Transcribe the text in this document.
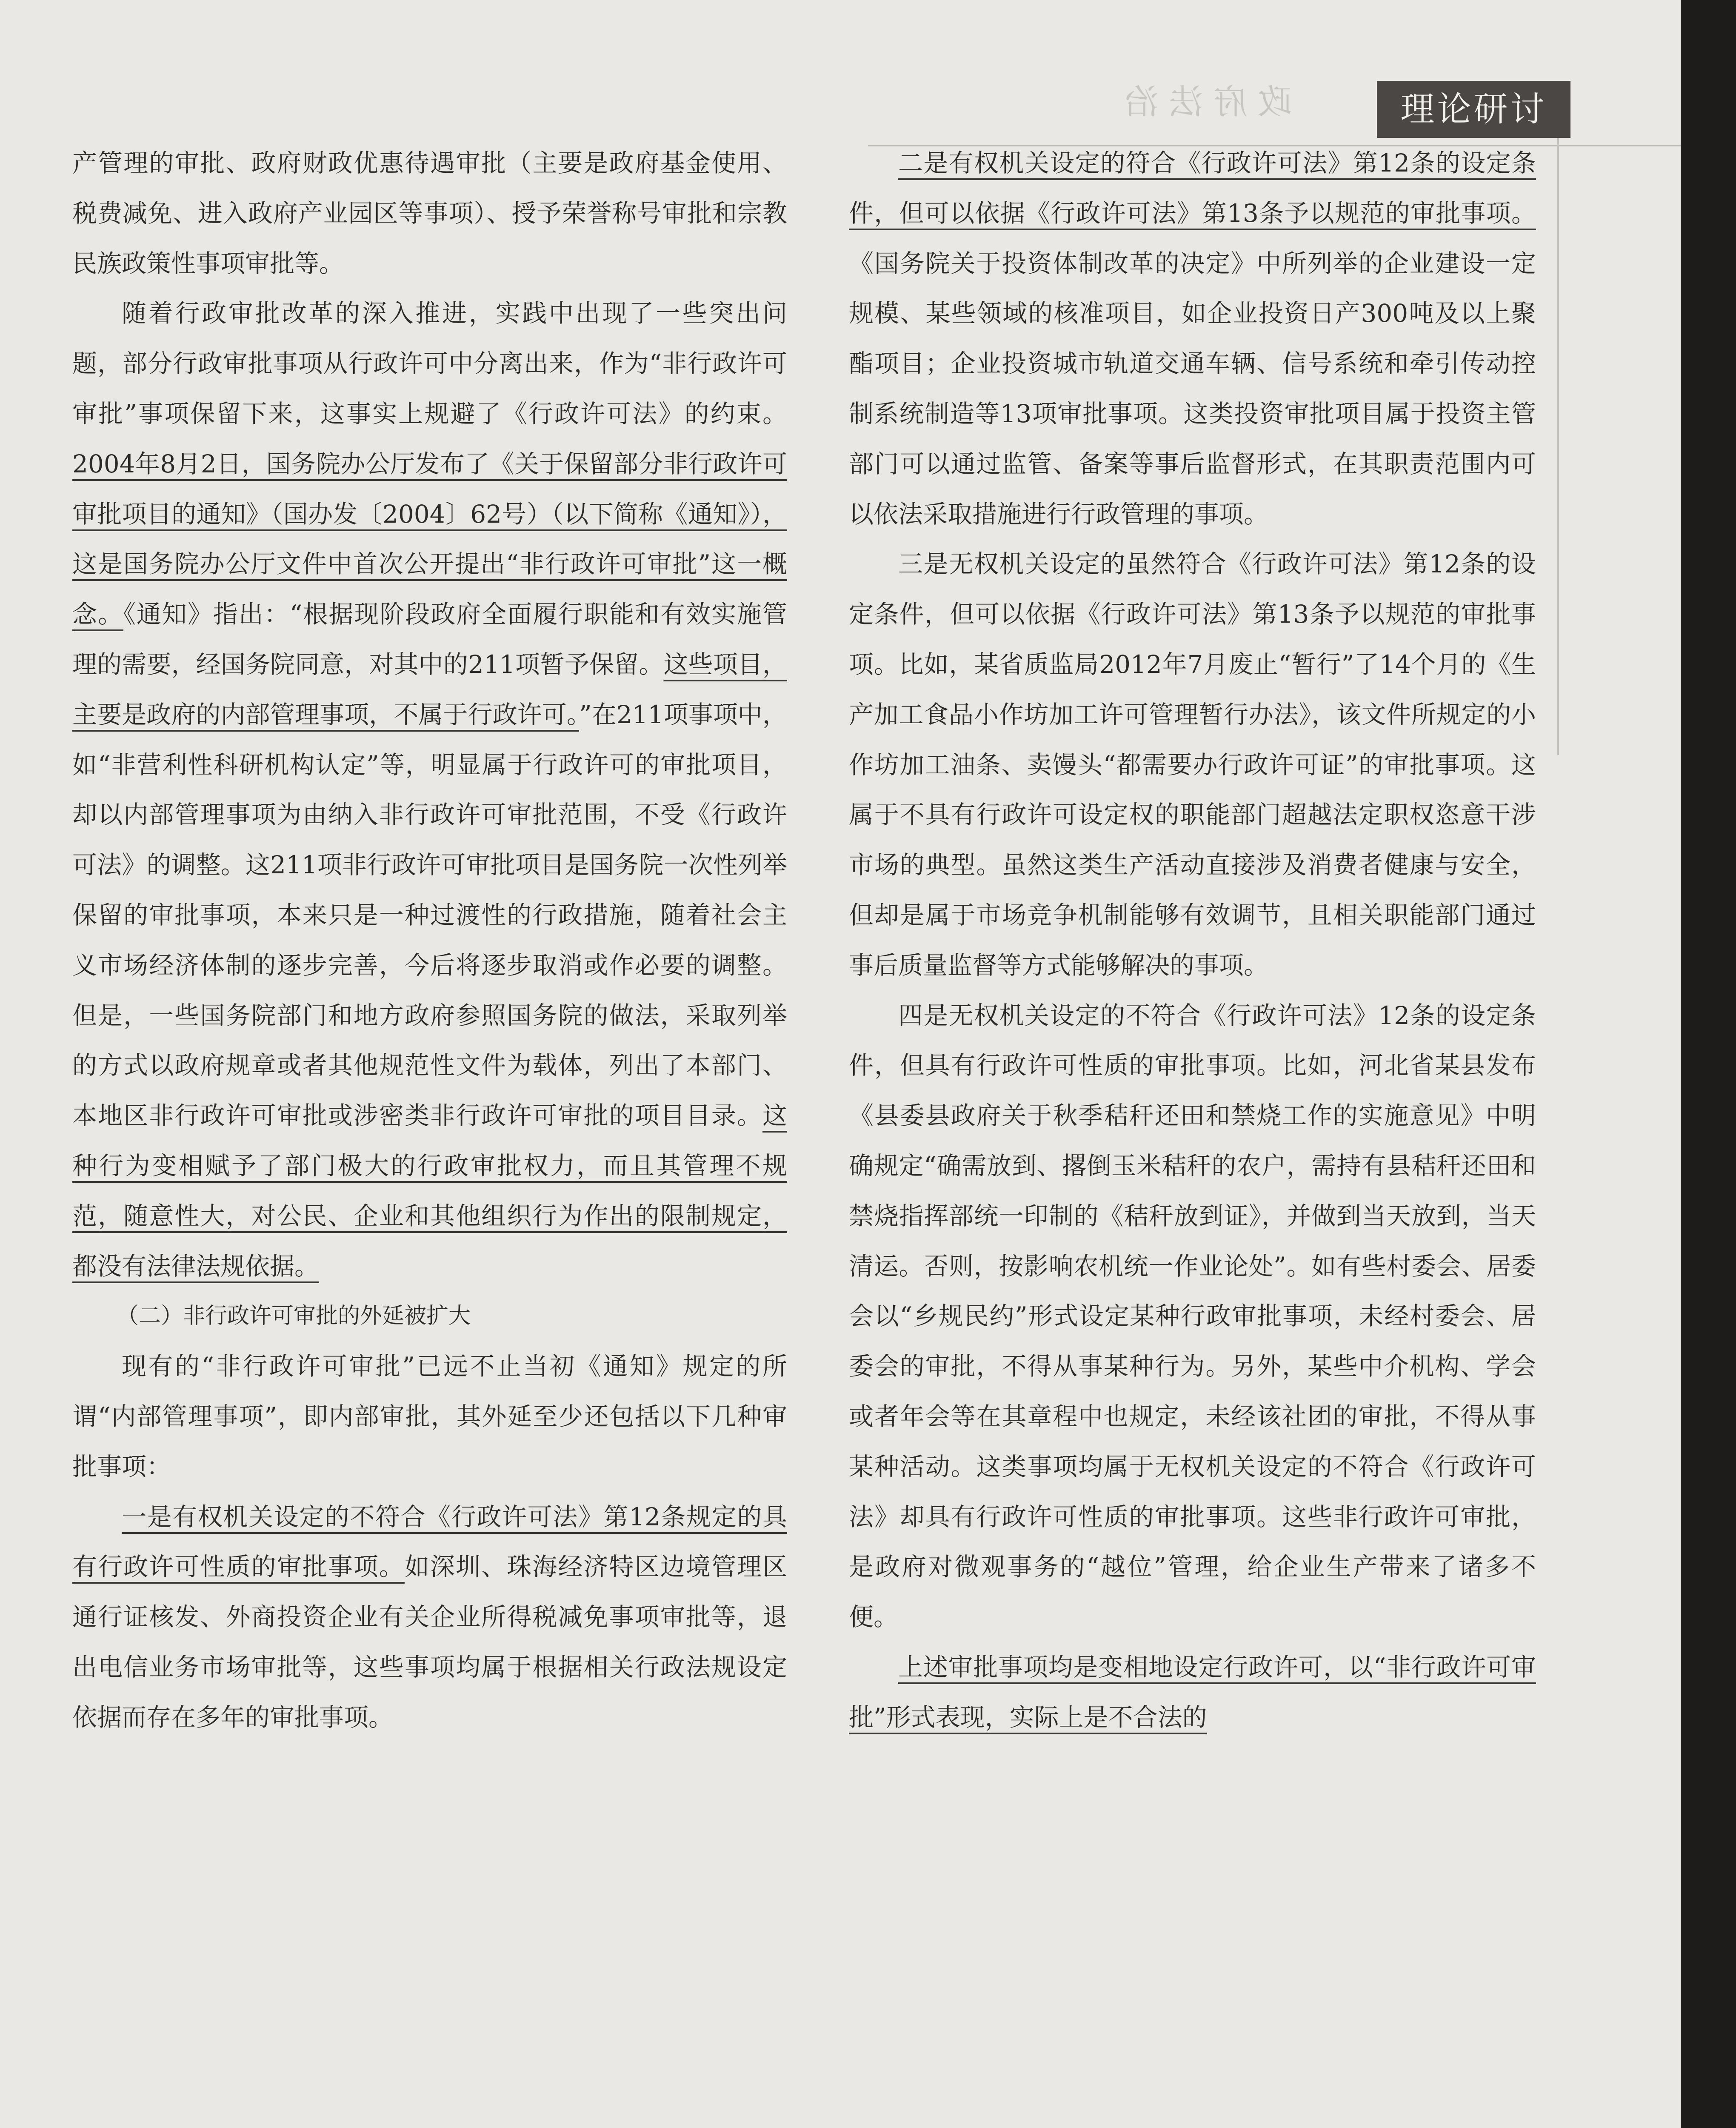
政府法治	理论研讨

产管理的审批、政府财政优惠待遇审批（主要是政府基金使用、税费减免、进入政府产业园区等事项）、授予荣誉称号审批和宗教民族政策性事项审批等。

随着行政审批改革的深入推进，实践中出现了一些突出问题，部分行政审批事项从行政许可中分离出来，作为“非行政许可审批”事项保留下来，这事实上规避了《行政许可法》的约束。2004年8月2日，国务院办公厅发布了《关于保留部分非行政许可审批项目的通知》（国办发〔2004〕62号）（以下简称《通知》），这是国务院办公厅文件中首次公开提出“非行政许可审批”这一概念。《通知》指出：“根据现阶段政府全面履行职能和有效实施管理的需要，经国务院同意，对其中的211项暂予保留。这些项目，主要是政府的内部管理事项，不属于行政许可。”在211项事项中，如“非营利性科研机构认定”等，明显属于行政许可的审批项目，却以内部管理事项为由纳入非行政许可审批范围，不受《行政许可法》的调整。这211项非行政许可审批项目是国务院一次性列举保留的审批事项，本来只是一种过渡性的行政措施，随着社会主义市场经济体制的逐步完善，今后将逐步取消或作必要的调整。但是，一些国务院部门和地方政府参照国务院的做法，采取列举的方式以政府规章或者其他规范性文件为载体，列出了本部门、本地区非行政许可审批或涉密类非行政许可审批的项目目录。这种行为变相赋予了部门极大的行政审批权力，而且其管理不规范，随意性大，对公民、企业和其他组织行为作出的限制规定，都没有法律法规依据。

（二）非行政许可审批的外延被扩大

现有的“非行政许可审批”已远不止当初《通知》规定的所谓“内部管理事项”，即内部审批，其外延至少还包括以下几种审批事项：

一是有权机关设定的不符合《行政许可法》第12条规定的具有行政许可性质的审批事项。如深圳、珠海经济特区边境管理区通行证核发、外商投资企业有关企业所得税减免事项审批等，退出电信业务市场审批等，这些事项均属于根据相关行政法规设定依据而存在多年的审批事项。

二是有权机关设定的符合《行政许可法》第12条的设定条件，但可以依据《行政许可法》第13条予以规范的审批事项。《国务院关于投资体制改革的决定》中所列举的企业建设一定规模、某些领域的核准项目，如企业投资日产300吨及以上聚酯项目；企业投资城市轨道交通车辆、信号系统和牵引传动控制系统制造等13项审批事项。这类投资审批项目属于投资主管部门可以通过监管、备案等事后监督形式，在其职责范围内可以依法采取措施进行行政管理的事项。

三是无权机关设定的虽然符合《行政许可法》第12条的设定条件，但可以依据《行政许可法》第13条予以规范的审批事项。比如，某省质监局2012年7月废止“暂行”了14个月的《生产加工食品小作坊加工许可管理暂行办法》，该文件所规定的小作坊加工油条、卖馒头“都需要办行政许可证”的审批事项。这属于不具有行政许可设定权的职能部门超越法定职权恣意干涉市场的典型。虽然这类生产活动直接涉及消费者健康与安全，但却是属于市场竞争机制能够有效调节，且相关职能部门通过事后质量监督等方式能够解决的事项。

四是无权机关设定的不符合《行政许可法》12条的设定条件，但具有行政许可性质的审批事项。比如，河北省某县发布《县委县政府关于秋季秸秆还田和禁烧工作的实施意见》中明确规定“确需放到、撂倒玉米秸秆的农户，需持有县秸秆还田和禁烧指挥部统一印制的《秸秆放到证》，并做到当天放到，当天清运。否则，按影响农机统一作业论处”。如有些村委会、居委会以“乡规民约”形式设定某种行政审批事项，未经村委会、居委会的审批，不得从事某种行为。另外，某些中介机构、学会或者年会等在其章程中也规定，未经该社团的审批，不得从事某种活动。这类事项均属于无权机关设定的不符合《行政许可法》却具有行政许可性质的审批事项。这些非行政许可审批，是政府对微观事务的“越位”管理，给企业生产带来了诸多不便。

上述审批事项均是变相地设定行政许可，以“非行政许可审批”形式表现，实际上是不合法的
